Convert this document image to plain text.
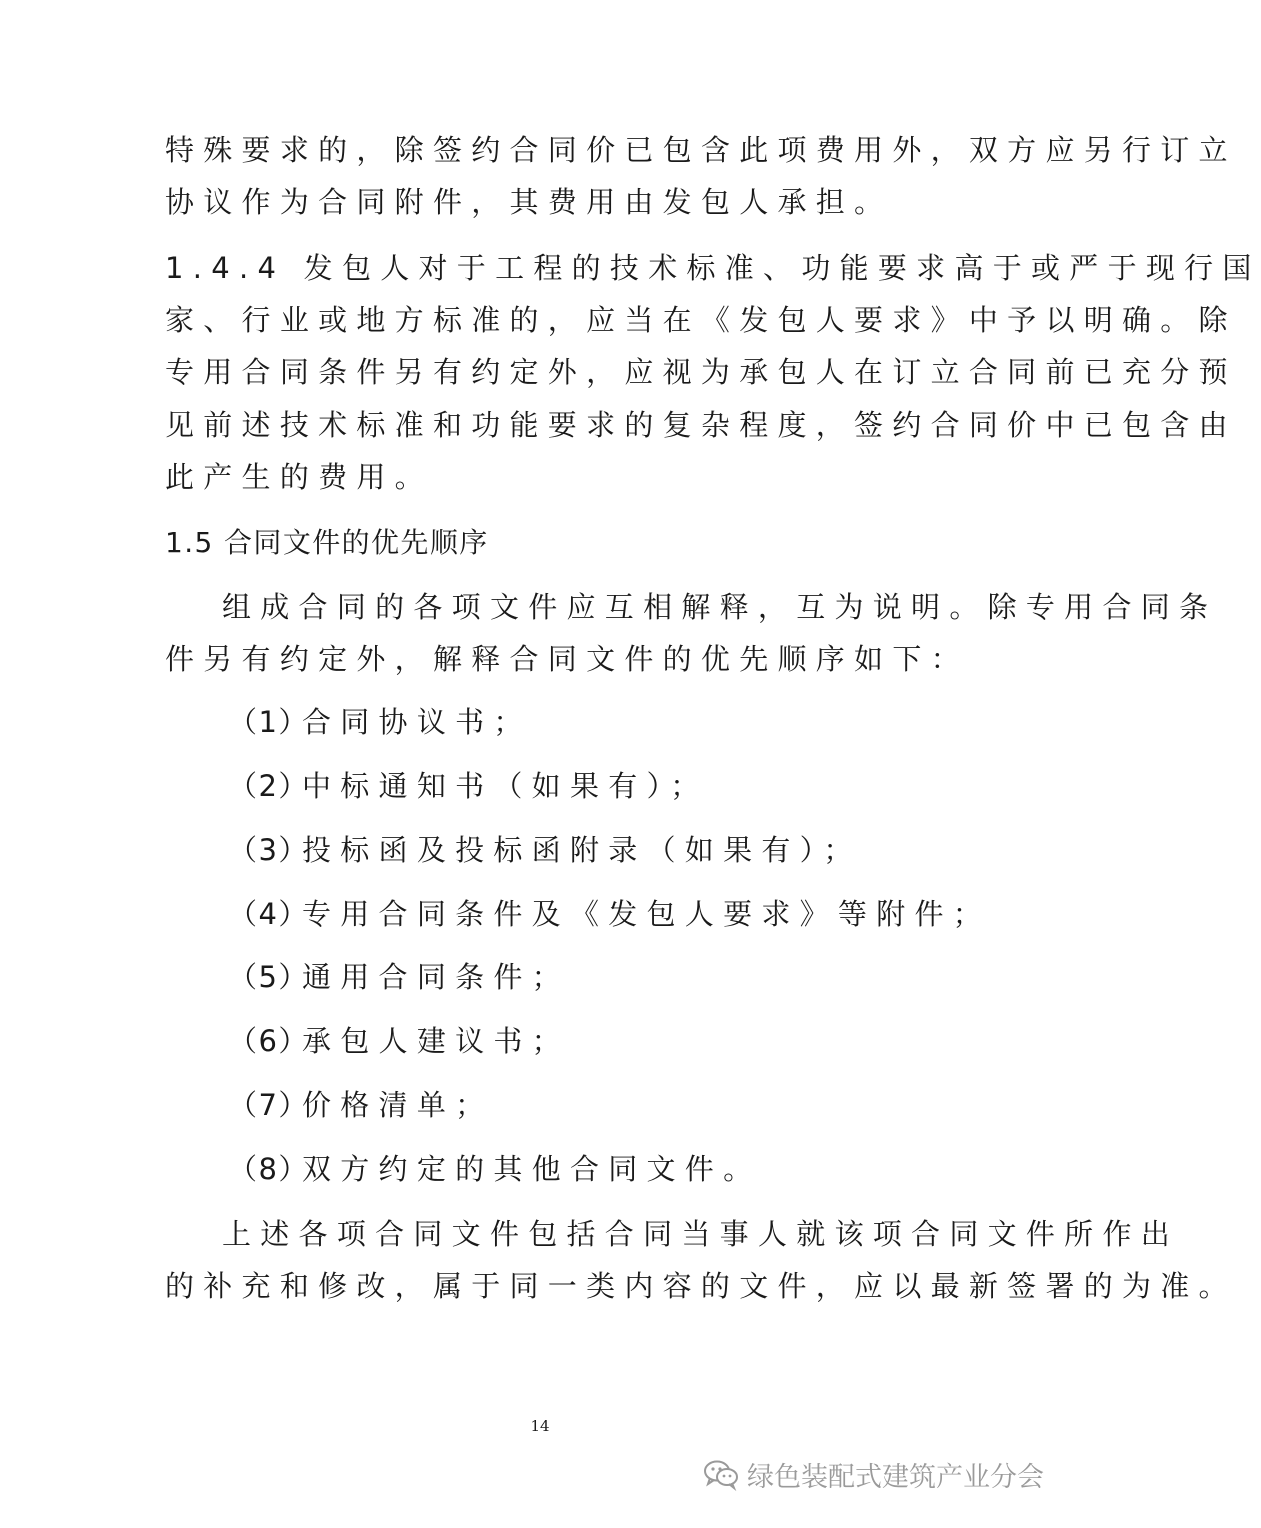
特殊要求的，除签约合同价已包含此项费用外，双方应另行订立
协议作为合同附件，其费用由发包人承担。
1.4.4 发包人对于工程的技术标准、功能要求高于或严于现行国
家、行业或地方标准的，应当在《发包人要求》中予以明确。除
专用合同条件另有约定外，应视为承包人在订立合同前已充分预
见前述技术标准和功能要求的复杂程度，签约合同价中已包含由
此产生的费用。
1.5 合同文件的优先顺序
组成合同的各项文件应互相解释，互为说明。除专用合同条
件另有约定外，解释合同文件的优先顺序如下：
（1）合同协议书；
（2）中标通知书（如果有）；
（3）投标函及投标函附录（如果有）；
（4）专用合同条件及《发包人要求》等附件；
（5）通用合同条件；
（6）承包人建议书；
（7）价格清单；
（8）双方约定的其他合同文件。
上述各项合同文件包括合同当事人就该项合同文件所作出
的补充和修改，属于同一类内容的文件，应以最新签署的为准。
14
绿色装配式建筑产业分会
